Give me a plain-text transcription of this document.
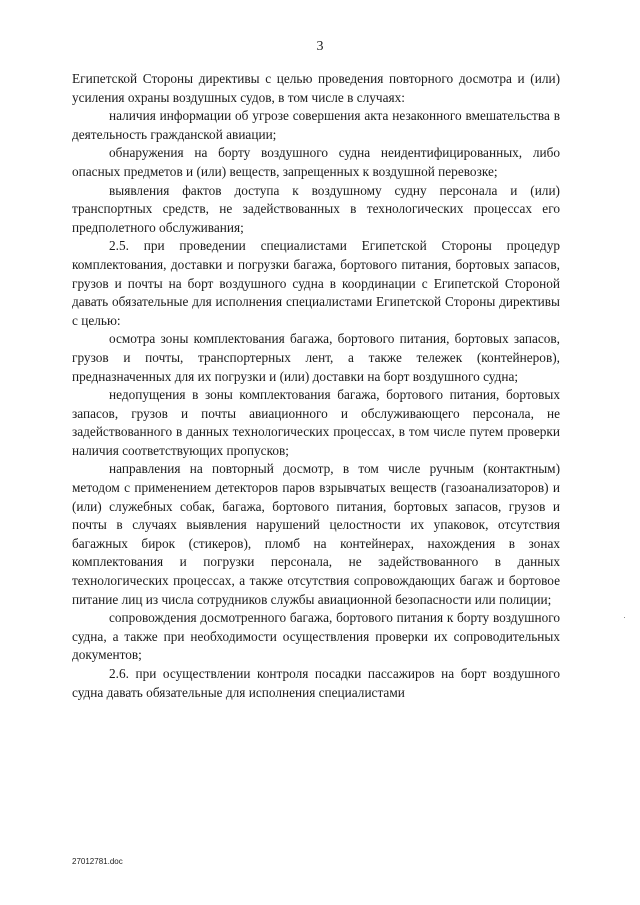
3

Египетской Стороны директивы с целью проведения повторного досмотра и (или) усиления охраны воздушных судов, в том числе в случаях:

наличия информации об угрозе совершения акта незаконного вмешательства в деятельность гражданской авиации;

обнаружения на борту воздушного судна неидентифицированных, либо опасных предметов и (или) веществ, запрещенных к воздушной перевозке;

выявления фактов доступа к воздушному судну персонала и (или) транспортных средств, не задействованных в технологических процессах его предполетного обслуживания;

2.5. при проведении специалистами Египетской Стороны процедур комплектования, доставки и погрузки багажа, бортового питания, бортовых запасов, грузов и почты на борт воздушного судна в координации с Египетской Стороной давать обязательные для исполнения специалистами Египетской Стороны директивы с целью:

осмотра зоны комплектования багажа, бортового питания, бортовых запасов, грузов и почты, транспортерных лент, а также тележек (контейнеров), предназначенных для их погрузки и (или) доставки на борт воздушного судна;

недопущения в зоны комплектования багажа, бортового питания, бортовых запасов, грузов и почты авиационного и обслуживающего персонала, не задействованного в данных технологических процессах, в том числе путем проверки наличия соответствующих пропусков;

направления на повторный досмотр, в том числе ручным (контактным) методом с применением детекторов паров взрывчатых веществ (газоанализаторов) и (или) служебных собак, багажа, бортового питания, бортовых запасов, грузов и почты в случаях выявления нарушений целостности их упаковок, отсутствия багажных бирок (стикеров), пломб на контейнерах, нахождения в зонах комплектования и погрузки персонала, не задействованного в данных технологических процессах, а также отсутствия сопровождающих багаж и бортовое питание лиц из числа сотрудников службы авиационной безопасности или полиции;

сопровождения досмотренного багажа, бортового питания к борту воздушного судна, а также при необходимости осуществления проверки их сопроводительных документов;

2.6. при осуществлении контроля посадки пассажиров на борт воздушного судна давать обязательные для исполнения специалистами

·
27012781.doc
